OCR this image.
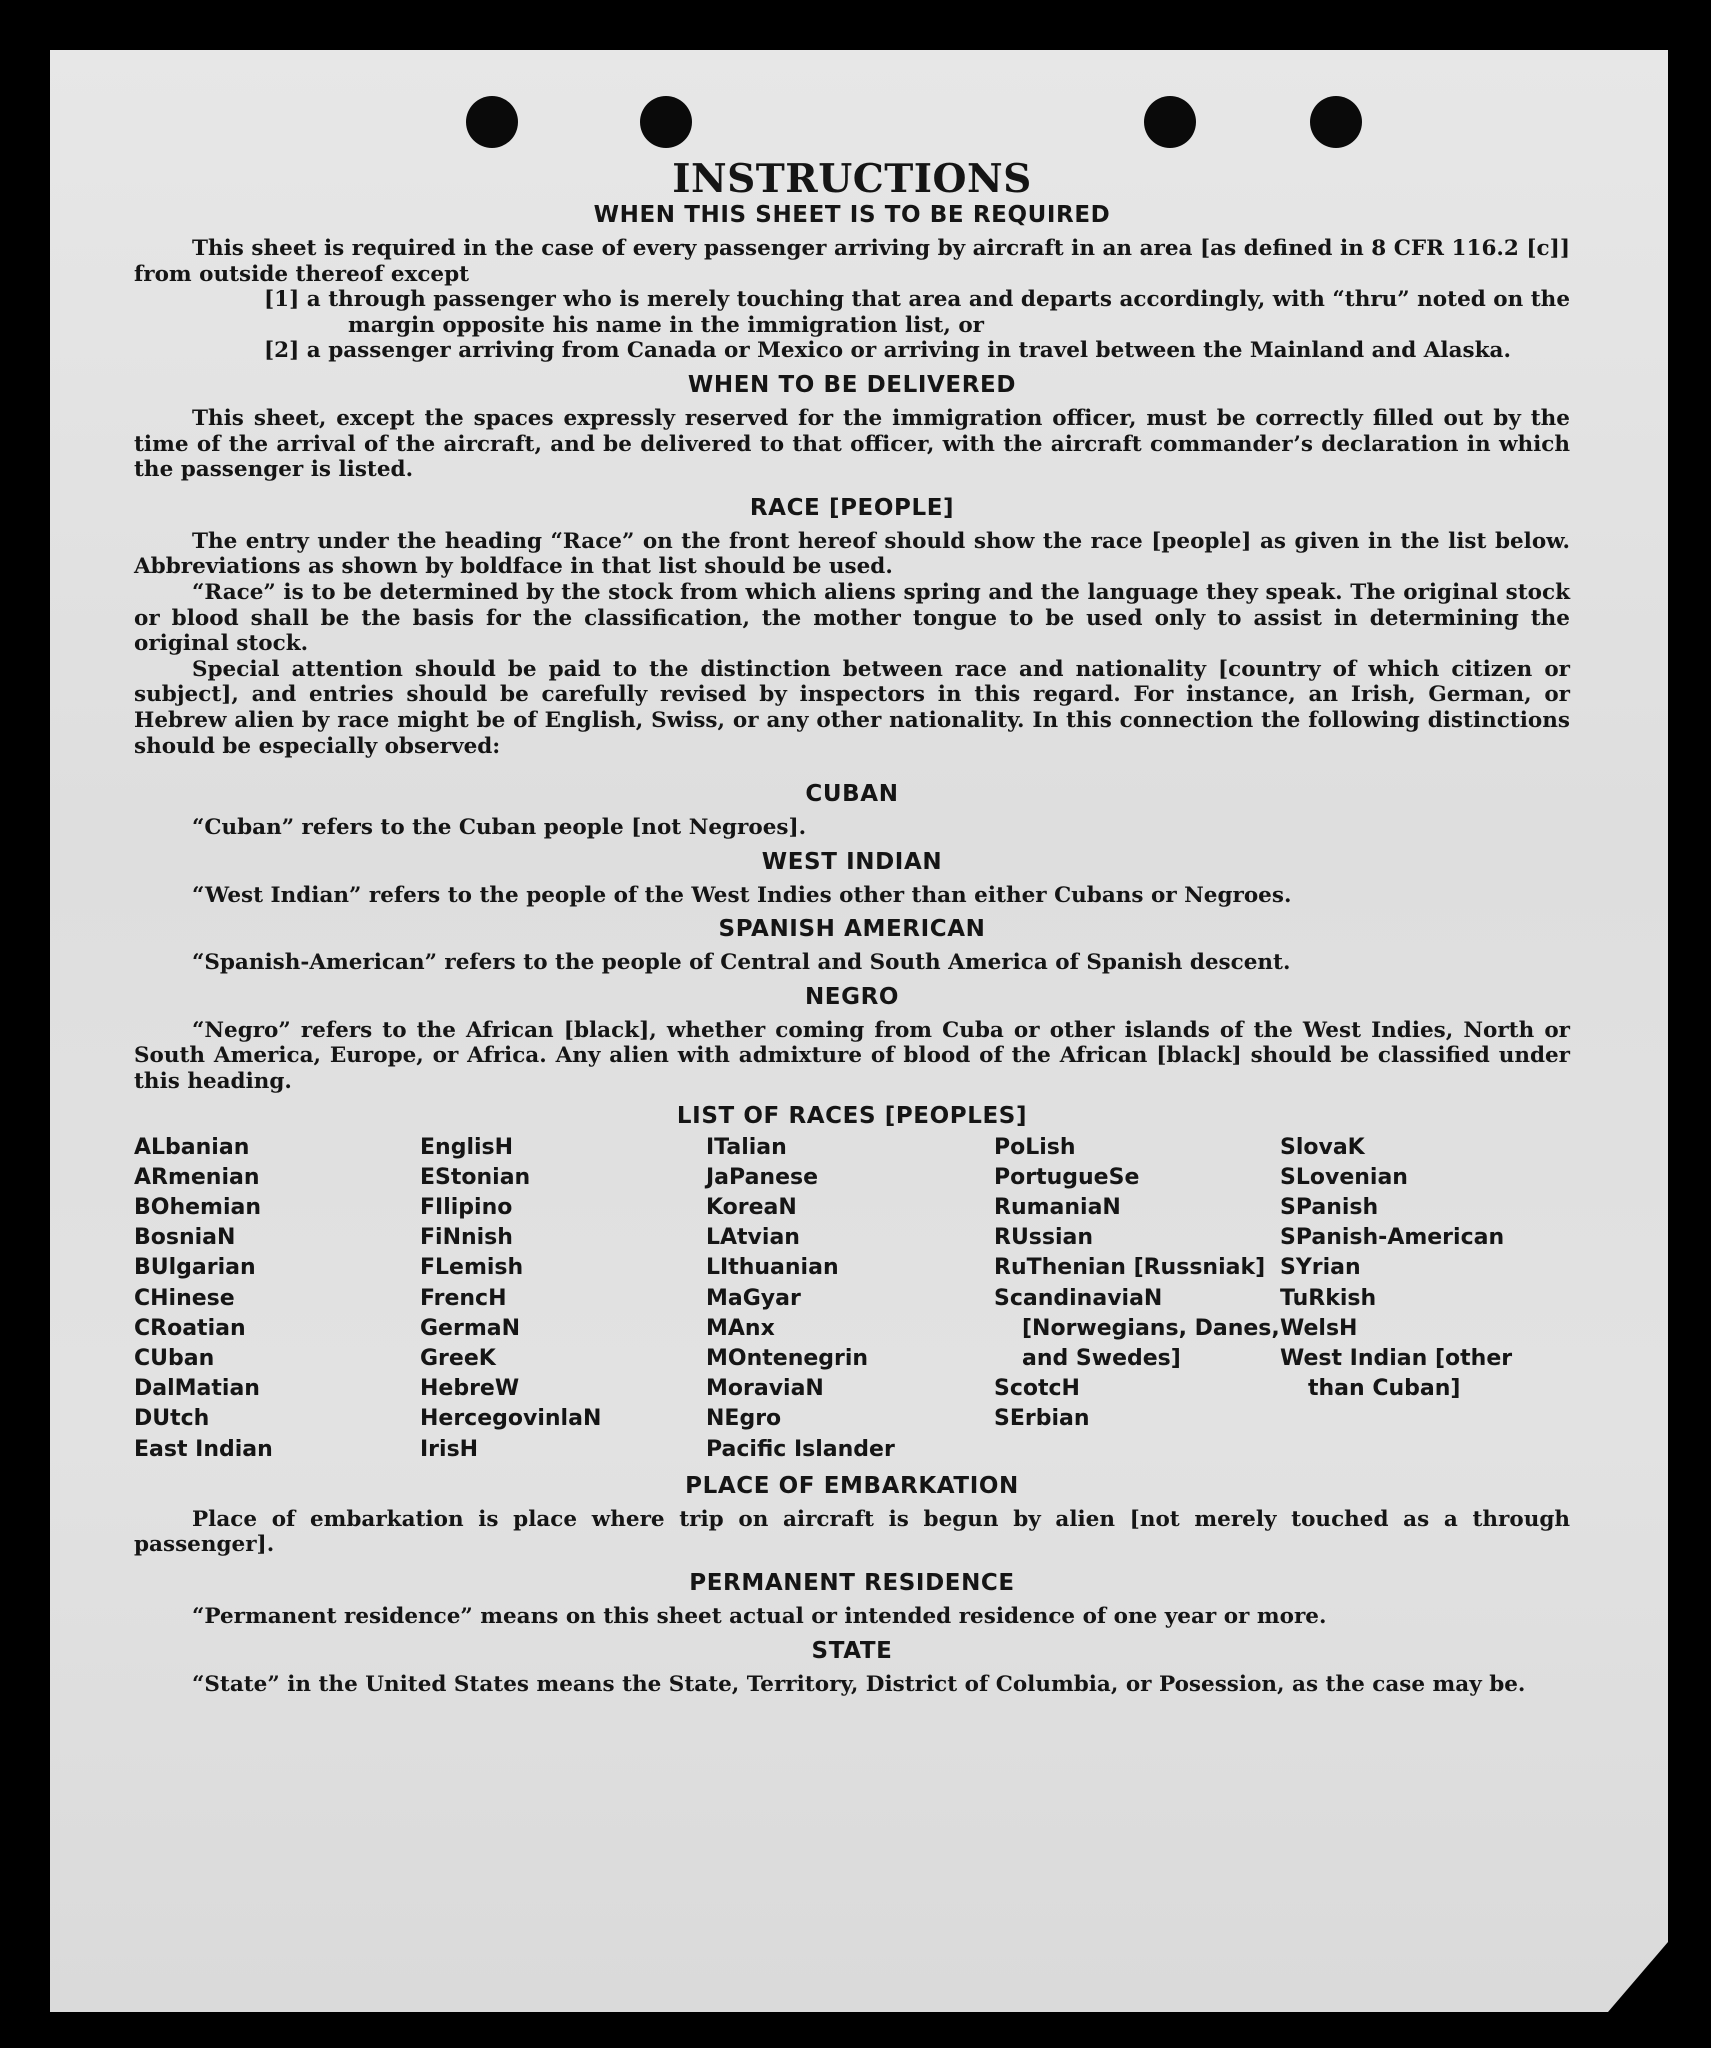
INSTRUCTIONS
WHEN THIS SHEET IS TO BE REQUIRED

This sheet is required in the case of every passenger arriving by aircraft in an area [as defined in 8 CFR 116.2 [c]] from outside thereof except

[1] a through passenger who is merely touching that area and departs accordingly, with “thru” noted on the margin opposite his name in the immigration list, or

[2] a passenger arriving from Canada or Mexico or arriving in travel between the Mainland and Alaska.

WHEN TO BE DELIVERED

This sheet, except the spaces expressly reserved for the immigration officer, must be correctly filled out by the time of the arrival of the aircraft, and be delivered to that officer, with the aircraft commander’s declaration in which the passenger is listed.

RACE [PEOPLE]

The entry under the heading “Race” on the front hereof should show the race [people] as given in the list below. Abbreviations as shown by boldface in that list should be used.

“Race” is to be determined by the stock from which aliens spring and the language they speak. The original stock or blood shall be the basis for the classification, the mother tongue to be used only to assist in determining the original stock.

Special attention should be paid to the distinction between race and nationality [country of which citizen or subject], and entries should be carefully revised by inspectors in this regard. For instance, an Irish, German, or Hebrew alien by race might be of English, Swiss, or any other nationality. In this connection the following distinctions should be especially observed:

CUBAN

“Cuban” refers to the Cuban people [not Negroes].

WEST INDIAN

“West Indian” refers to the people of the West Indies other than either Cubans or Negroes.

SPANISH AMERICAN

“Spanish-American” refers to the people of Central and South America of Spanish descent.

NEGRO

“Negro” refers to the African [black], whether coming from Cuba or other islands of the West Indies, North or South America, Europe, or Africa. Any alien with admixture of blood of the African [black] should be classified under this heading.

LIST OF RACES [PEOPLES]
ALbanian
ARmenian
BOhemian
BosniaN
BUlgarian
CHinese
CRoatian
CUban
DalMatian
DUtch
East Indian
EnglisH
EStonian
FIlipino
FiNnish
FLemish
FrencH
GermaN
GreeK
HebreW
HercegovinlaN
IrisH
ITalian
JaPanese
KoreaN
LAtvian
LIthuanian
MaGyar
MAnx
MOntenegrin
MoraviaN
NEgro
Pacific Islander
PoLish
PortugueSe
RumaniaN
RUssian
RuThenian [Russniak]
ScandinaviaN [Norwegians, Danes, and Swedes]
ScotcH
SErbian
SlovaK
SLovenian
SPanish
SPanish-American
SYrian
TuRkish
WelsH
West Indian [other than Cuban]
PLACE OF EMBARKATION

Place of embarkation is place where trip on aircraft is begun by alien [not merely touched as a through passenger].

PERMANENT RESIDENCE

“Permanent residence” means on this sheet actual or intended residence of one year or more.

STATE

“State” in the United States means the State, Territory, District of Columbia, or Posession, as the case may be.
